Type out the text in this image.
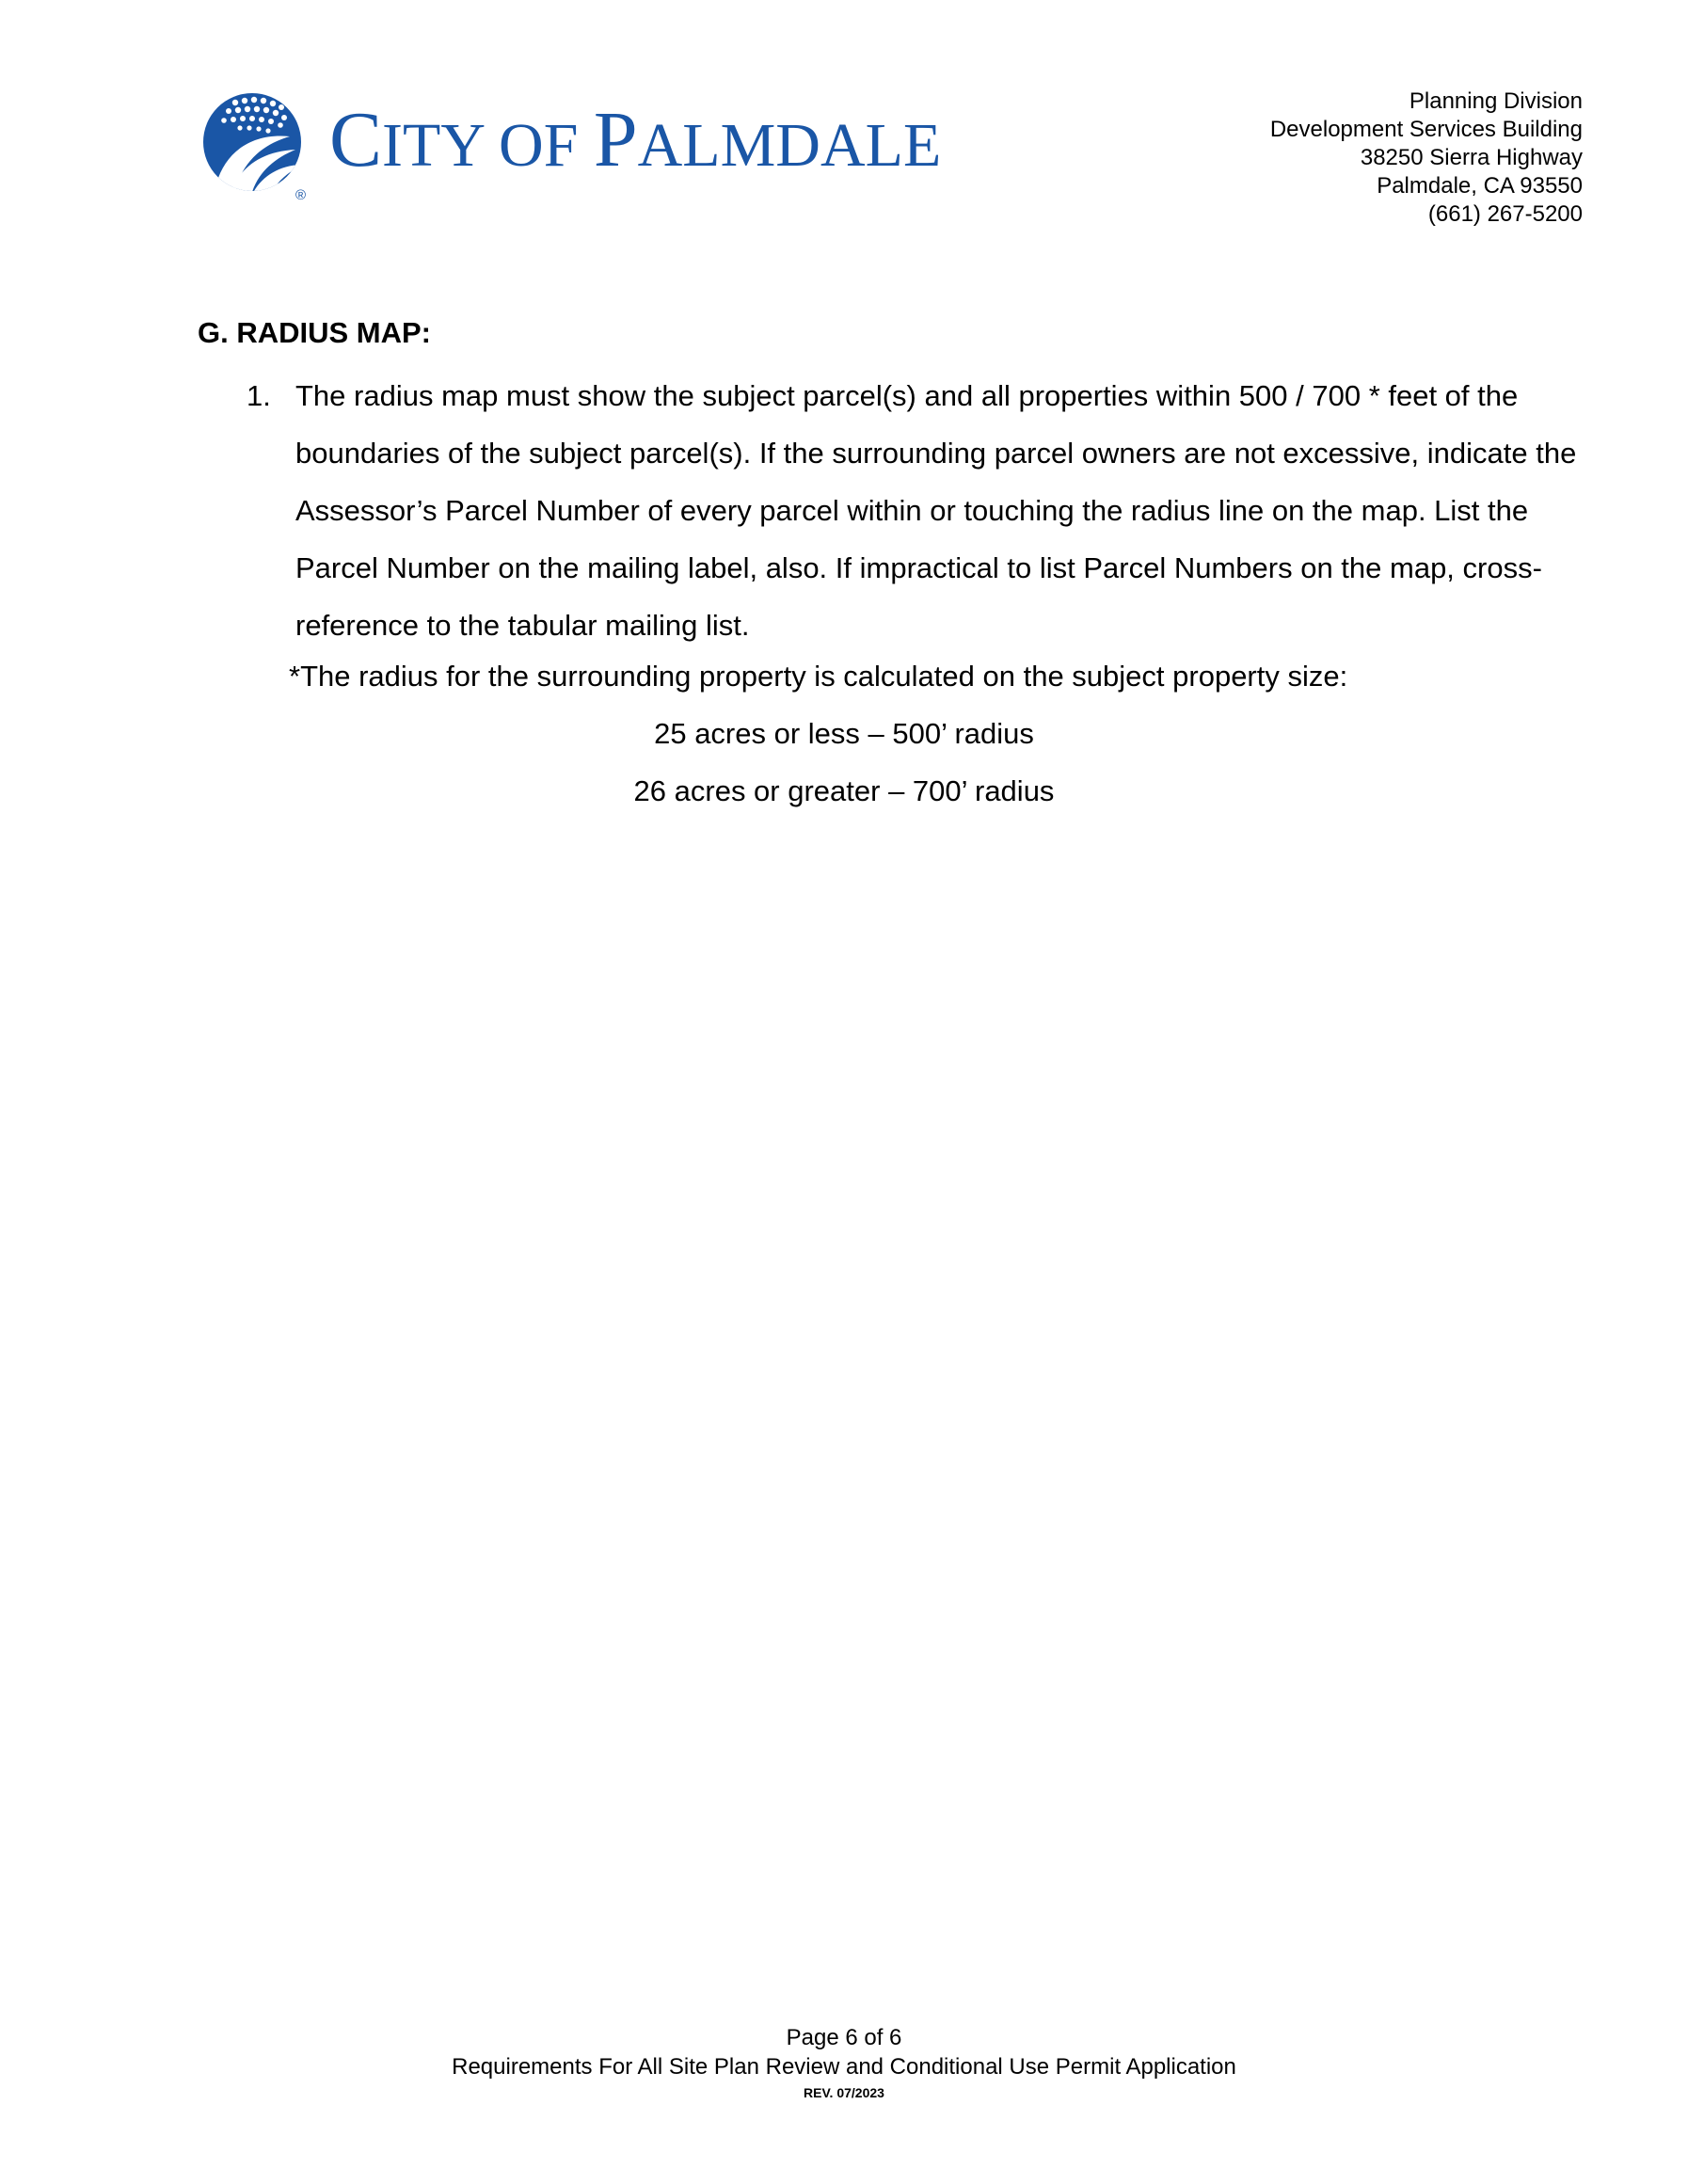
®
CITY OF PALMDALE
Planning Division
Development Services Building
38250 Sierra Highway
Palmdale, CA 93550
(661) 267-5200
G. RADIUS MAP:
1. The radius map must show the subject parcel(s) and all properties within 500 / 700 * feet of the boundaries of the subject parcel(s). If the surrounding parcel owners are not excessive, indicate the Assessor’s Parcel Number of every parcel within or touching the radius line on the map. List the Parcel Number on the mailing label, also. If impractical to list Parcel Numbers on the map, cross-reference to the tabular mailing list.
*The radius for the surrounding property is calculated on the subject property size:
25 acres or less – 500’ radius
26 acres or greater – 700’ radius
Page 6 of 6
Requirements For All Site Plan Review and Conditional Use Permit Application
REV. 07/2023
